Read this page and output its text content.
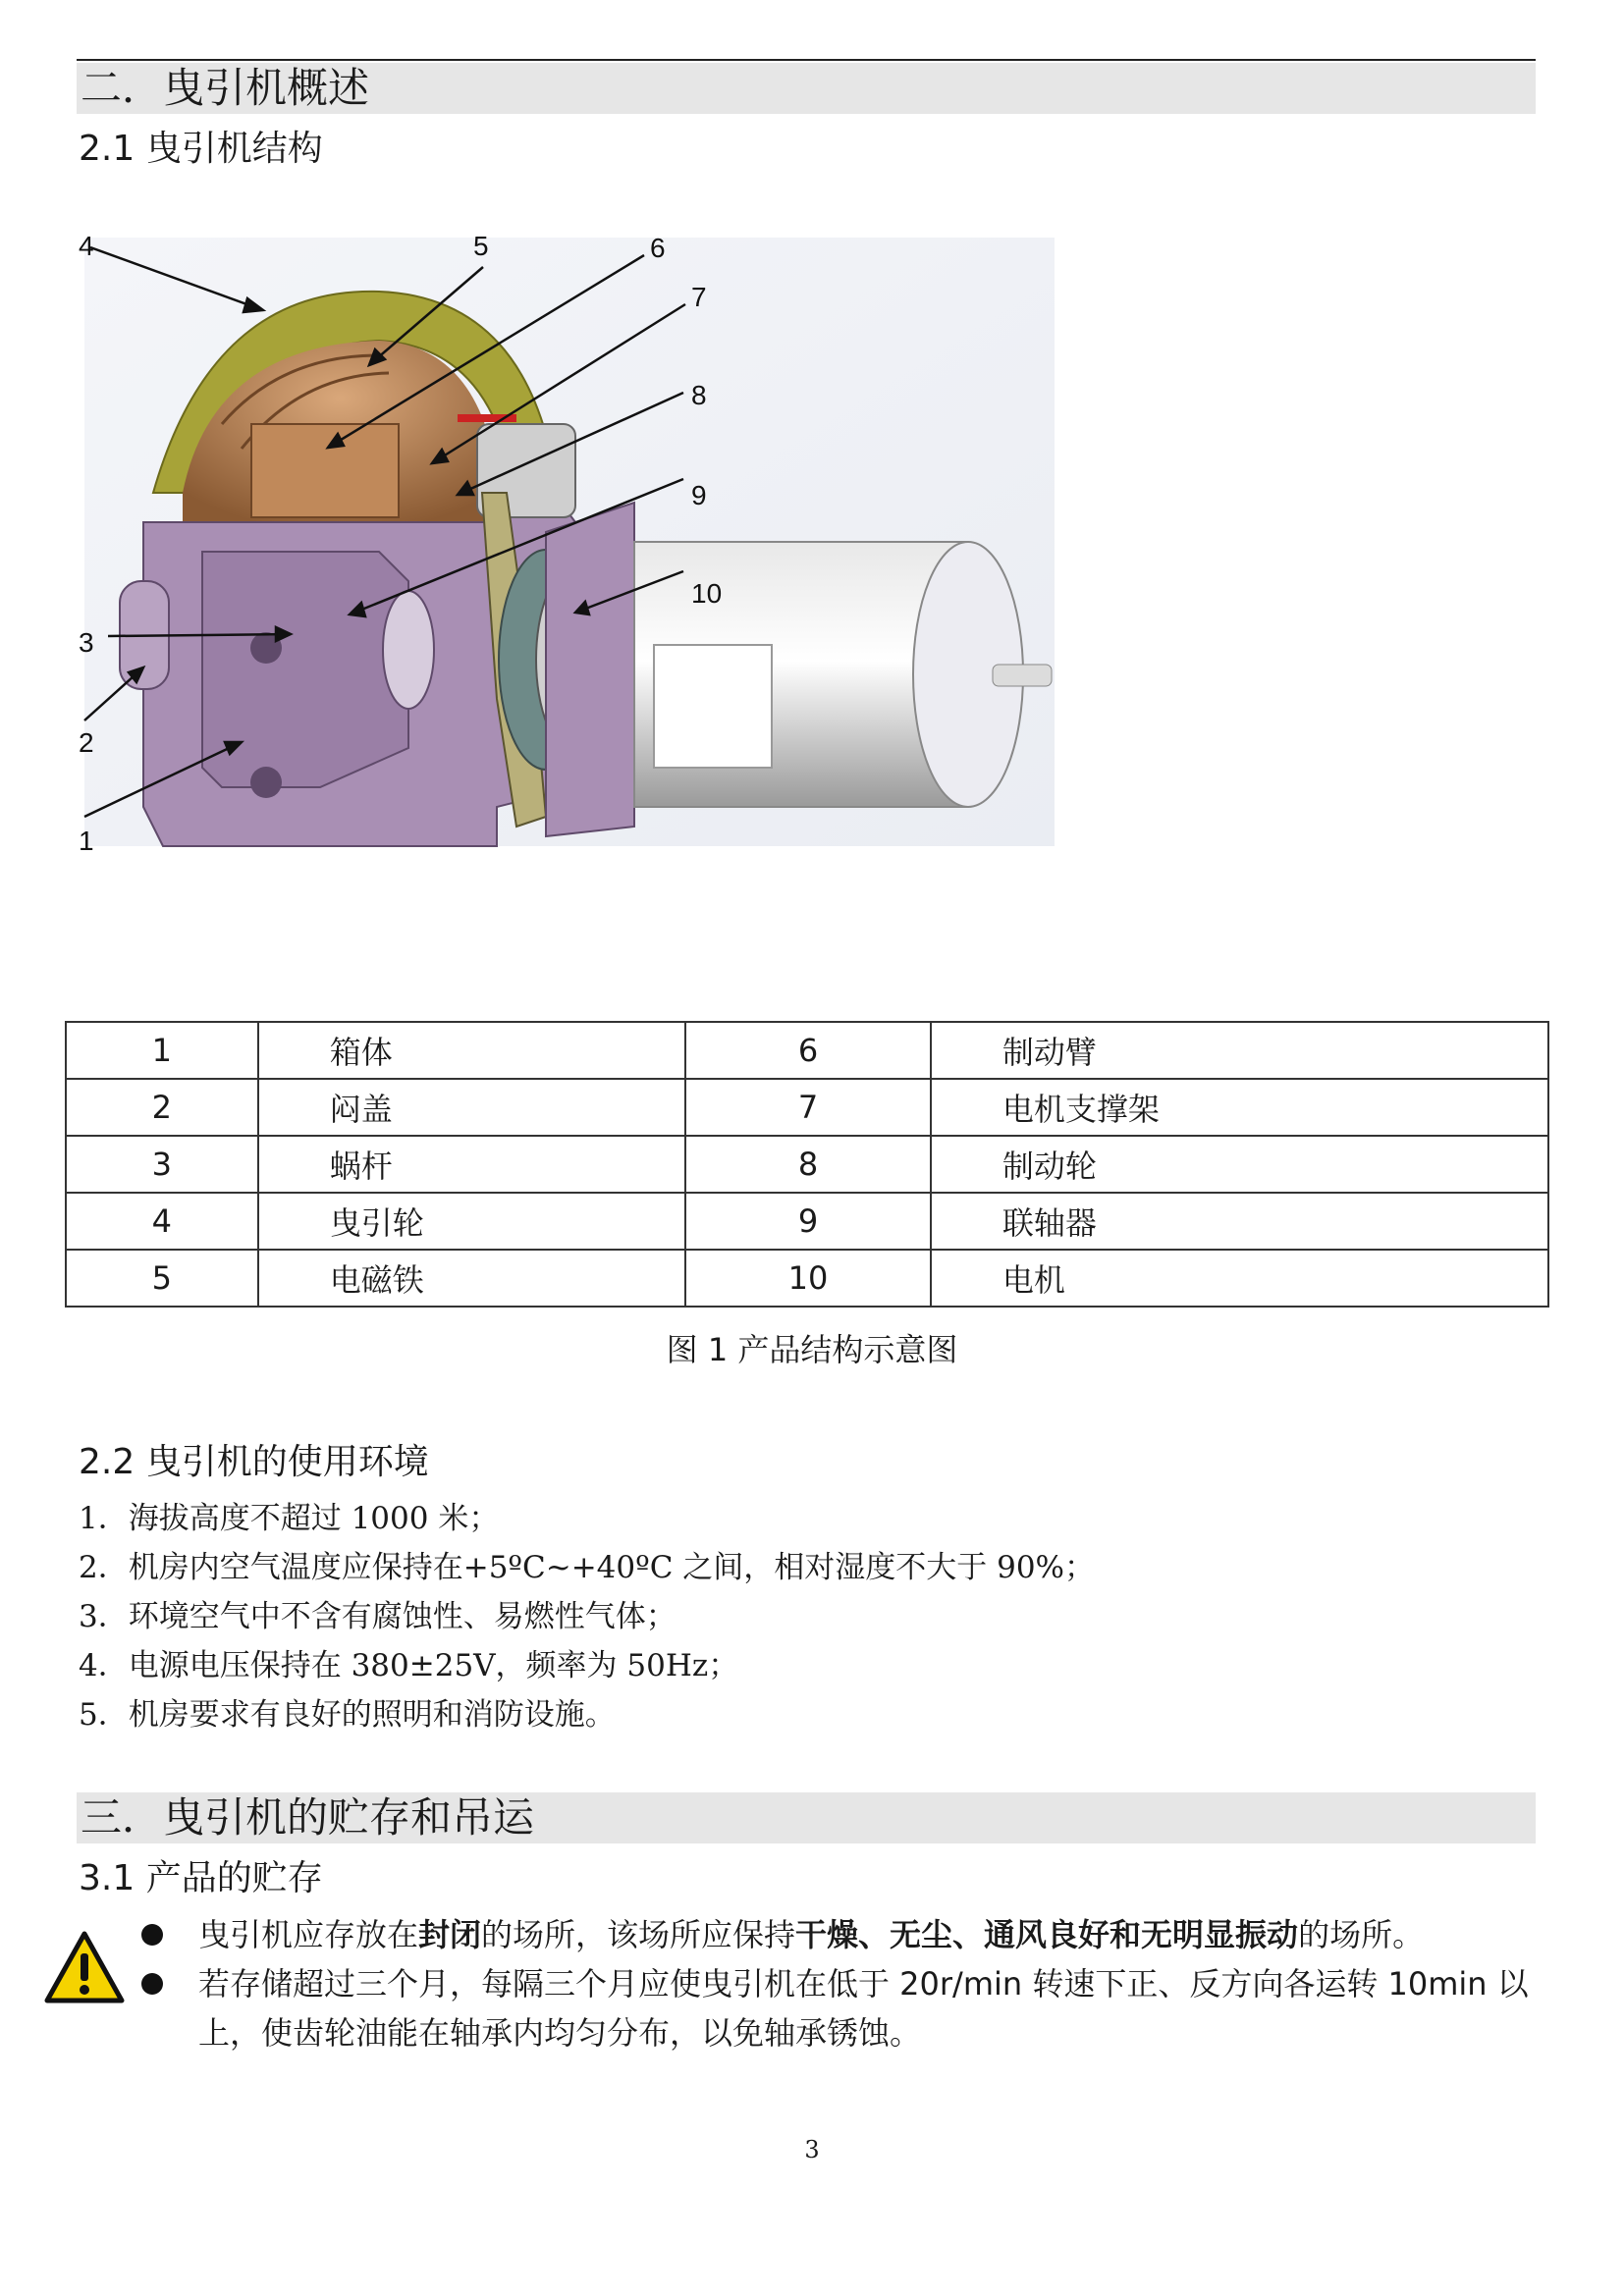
二．曳引机概述
2.1 曳引机结构
4	5	6
7
8
9
10
3
2
1
1	箱体	6	制动臂
2	闷盖	7	电机支撑架
3	蜗杆	8	制动轮
4	曳引轮	9	联轴器
5	电磁铁	10	电机
图 1 产品结构示意图
2.2 曳引机的使用环境
1．海拔高度不超过 1000 米；
2．机房内空气温度应保持在+5ºC~+40ºC 之间，相对湿度不大于 90%；
3．环境空气中不含有腐蚀性、易燃性气体；
4．电源电压保持在 380±25V，频率为 50Hz；
5．机房要求有良好的照明和消防设施。
三．曳引机的贮存和吊运
3.1 产品的贮存
曳引机应存放在封闭的场所，该场所应保持干燥、无尘、通风良好和无明显振动的场所。
若存储超过三个月，每隔三个月应使曳引机在低于 20r/min 转速下正、反方向各运转 10min 以上，使齿轮油能在轴承内均匀分布，以免轴承锈蚀。
3
